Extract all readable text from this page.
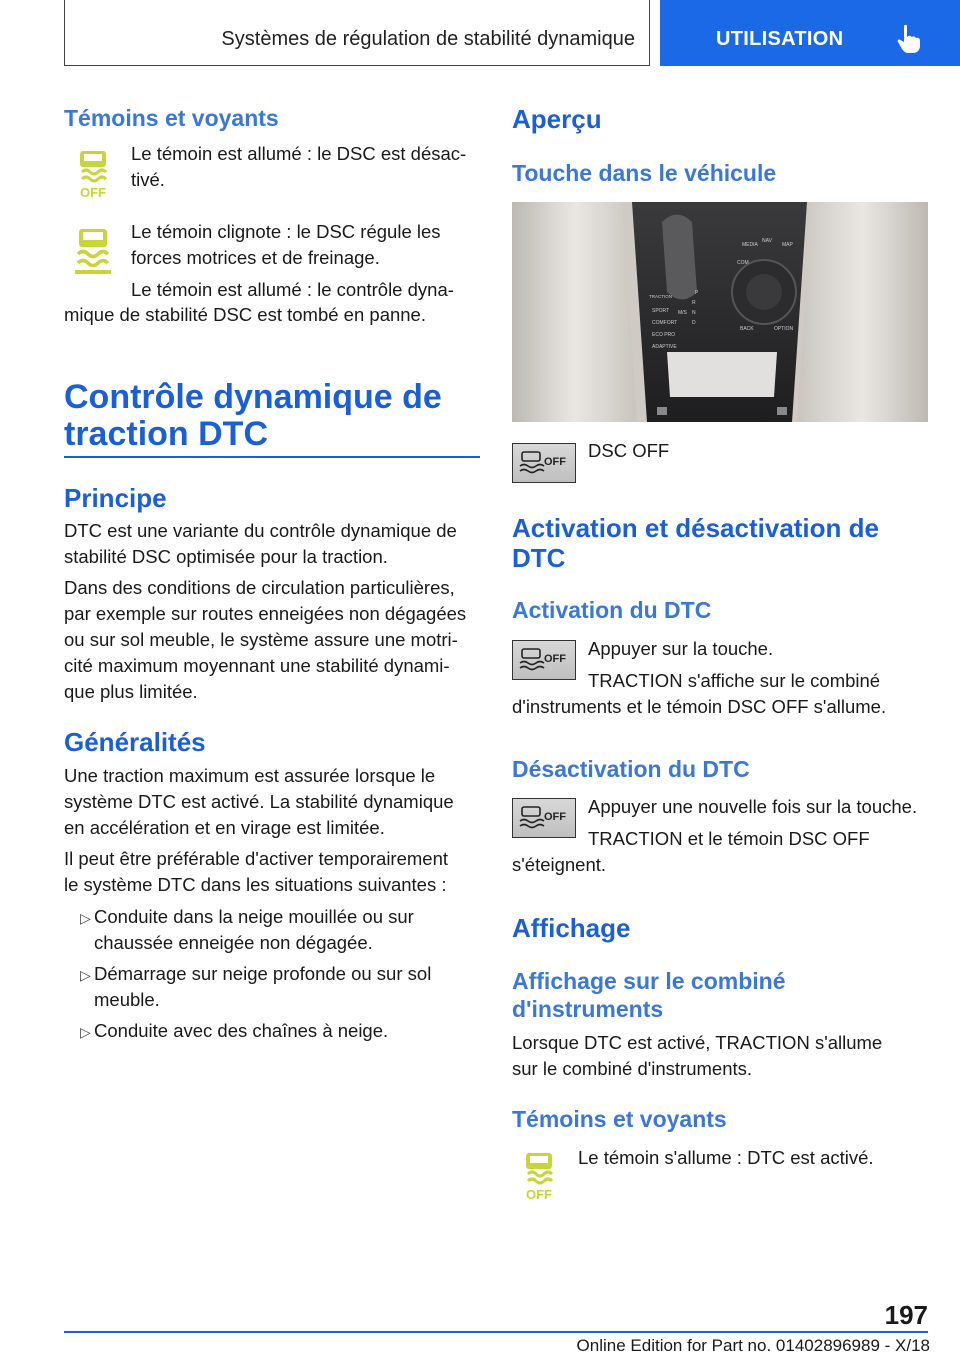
Systèmes de régulation de stabilité dynamique	UTILISATION
Témoins et voyants
OFF
Le témoin est allumé : le DSC est désac-
tivé.
Le témoin clignote : le DSC régule les
forces motrices et de freinage.
Le témoin est allumé : le contrôle dyna-
mique de stabilité DSC est tombé en panne.
Contrôle dynamique de
traction DTC
Principe
DTC est une variante du contrôle dynamique de
stabilité DSC optimisée pour la traction.
Dans des conditions de circulation particulières,
par exemple sur routes enneigées non dégagées
ou sur sol meuble, le système assure une motri-
cité maximum moyennant une stabilité dynami-
que plus limitée.
Généralités
Une traction maximum est assurée lorsque le
système DTC est activé. La stabilité dynamique
en accélération et en virage est limitée.
Il peut être préférable d'activer temporairement
le système DTC dans les situations suivantes :
▷ Conduite dans la neige mouillée ou sur
chaussée enneigée non dégagée.
▷ Démarrage sur neige profonde ou sur sol
meuble.
▷ Conduite avec des chaînes à neige.
Aperçu
Touche dans le véhicule
MEDIA
NAV
MAP
COM
BACK	OPTION
SPORT
COMFORT
ECO PRO
ADAPTIVE
TRACTION
M/S
P
R
N
D
OFF
DSC OFF
Activation et désactivation de
DTC
Activation du DTC
OFF Appuyer sur la touche.
TRACTION s'affiche sur le combiné
d'instruments et le témoin DSC OFF s'allume.
Désactivation du DTC
OFF Appuyer une nouvelle fois sur la touche.
TRACTION et le témoin DSC OFF
s'éteignent.
Affichage
Affichage sur le combiné
d'instruments
Lorsque DTC est activé, TRACTION s'allume
sur le combiné d'instruments.
Témoins et voyants
OFF
Le témoin s'allume : DTC est activé.
197
Online Edition for Part no. 01402896989 - X/18
